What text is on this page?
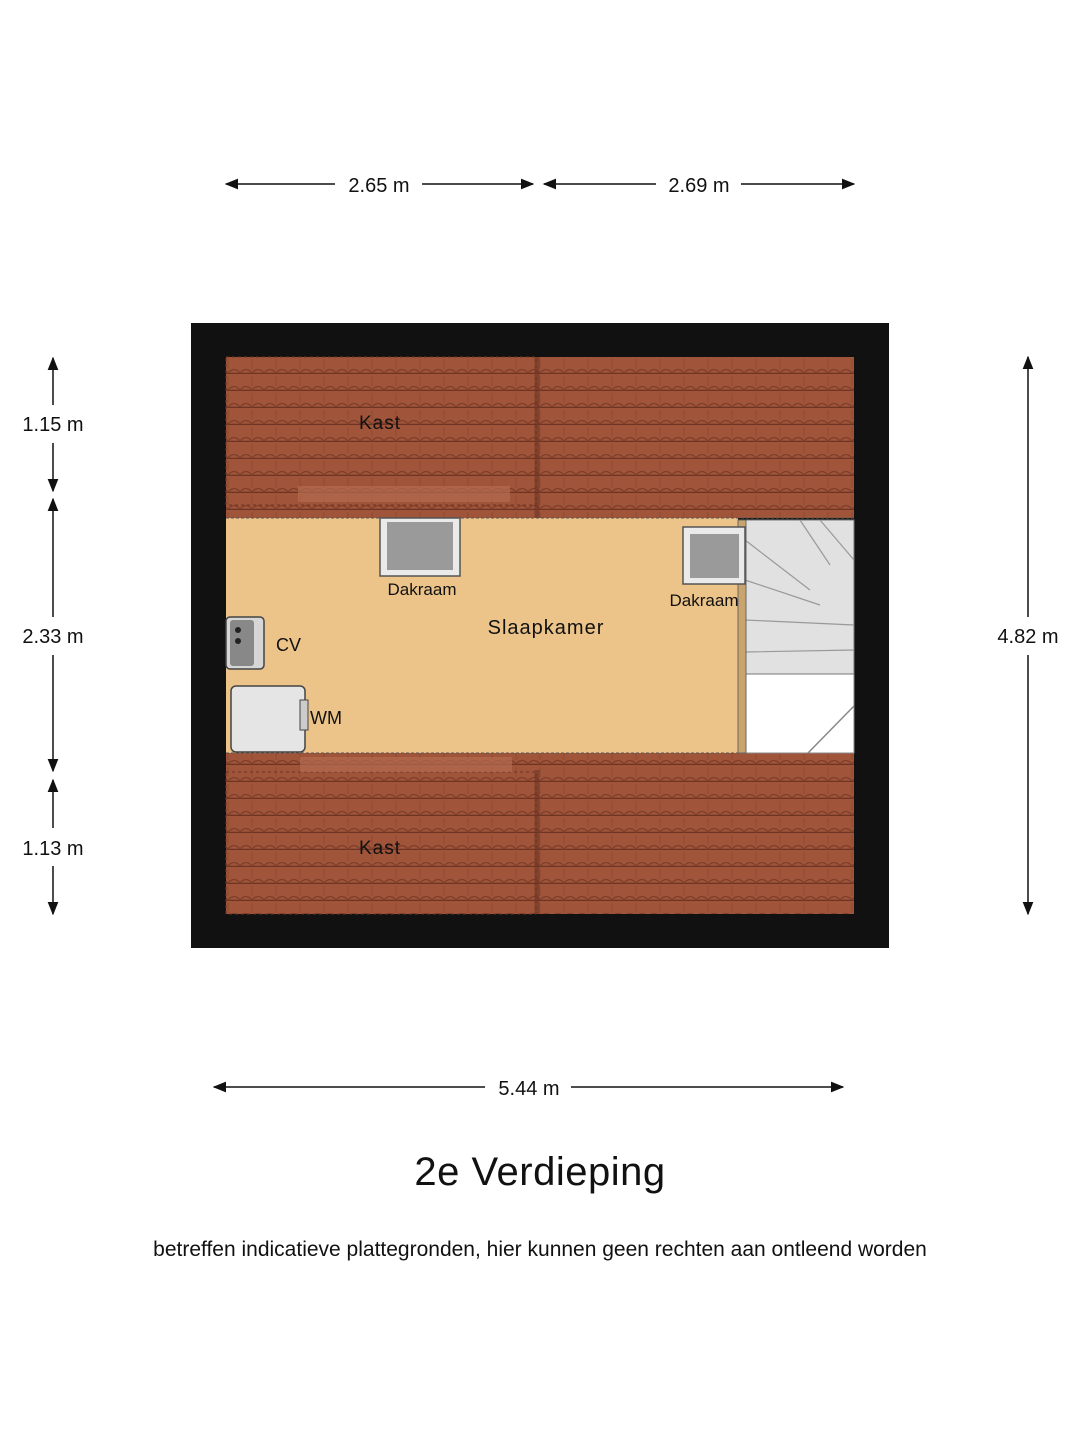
Kast
Kast
Slaapkamer
Dakraam
Dakraam
CV
WM
2.65 m	2.69 m
1.15 m
2.33 m
1.13 m
4.82 m
5.44 m
2e Verdieping
betreffen indicatieve plattegronden, hier kunnen geen rechten aan ontleend worden
